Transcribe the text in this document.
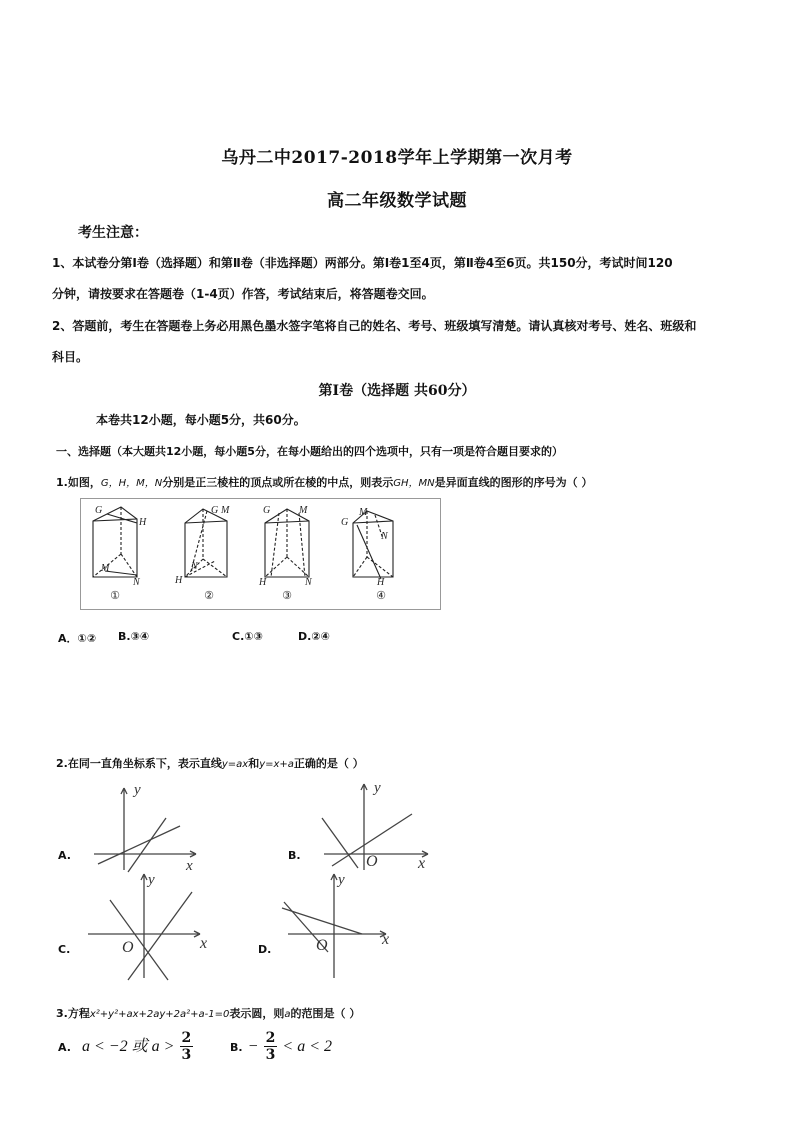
乌丹二中2017-2018学年上学期第一次月考
高二年级数学试题
考生注意：
1、本试卷分第Ⅰ卷（选择题）和第Ⅱ卷（非选择题）两部分。第Ⅰ卷1至4页，第Ⅱ卷4至6页。共150分，考试时间120
分钟，请按要求在答题卷（1-4页）作答，考试结束后，将答题卷交回。
2、答题前，考生在答题卷上务必用黑色墨水签字笔将自己的姓名、考号、班级填写清楚。请认真核对考号、姓名、班级和
科目。
第Ⅰ卷（选择题 共60分）
本卷共12小题，每小题5分，共60分。
一、选择题（本大题共12小题，每小题5分，在每小题给出的四个选项中，只有一项是符合题目要求的）
1.如图，G，H，M，N分别是正三棱柱的顶点或所在棱的中点，则表示GH，MN是异面直线的图形的序号为（ ）
G
H
M
N
G M
H
N
G	M
H	N
G
M
N
H
①	②	③	④
A．①② B.③④	C.①③	D.②④
2.在同一直角坐标系下，表示直线y=ax和y=x+a正确的是（ ）
A.
y
x
B.
y
O	x
C.
y
O	x	D.
y
O	x
3.方程x²+y²+ax+2ay+2a²+a-1=0表示圆，则a的范围是（ ）
A. a < −2 或 $a > \frac{2}{3}$	B. − $\frac{2}{3} < a < 2$
